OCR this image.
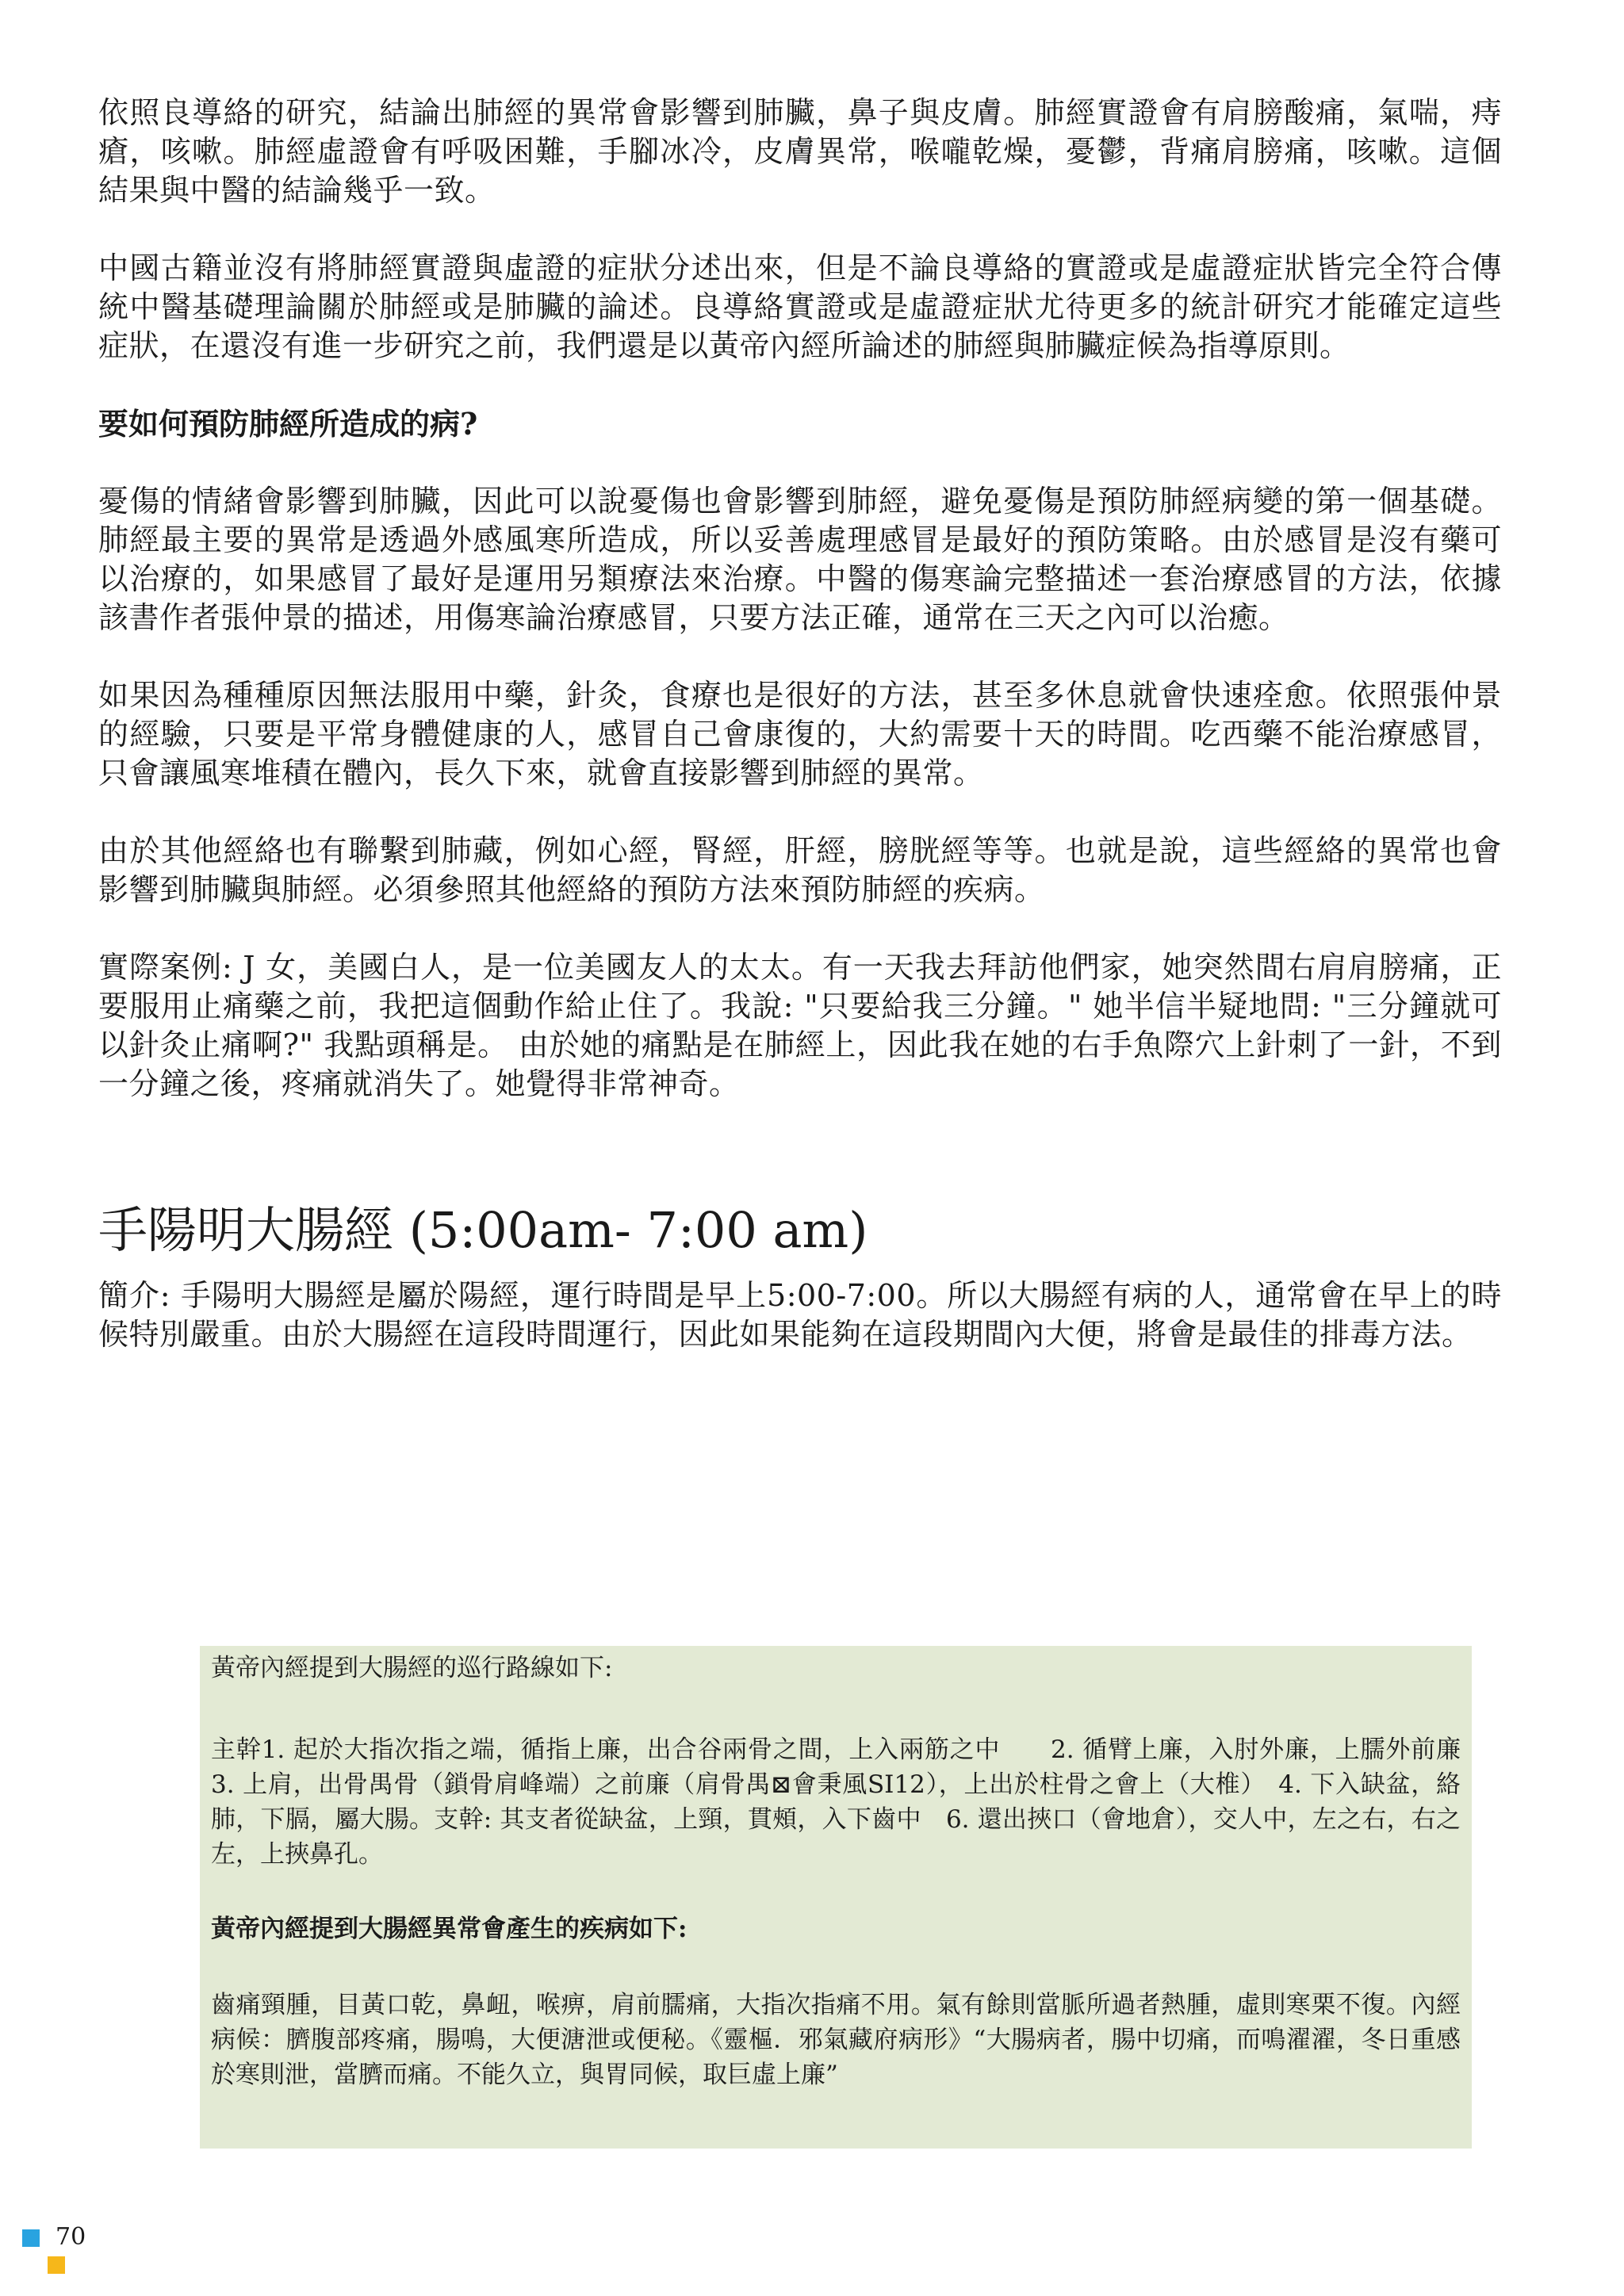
依照良導絡的研究，結論出肺經的異常會影響到肺臟，鼻子與皮膚。肺經實證會有肩膀酸痛，氣喘，痔瘡，咳嗽。肺經虛證會有呼吸困難，手腳冰冷，皮膚異常，喉嚨乾燥，憂鬱，背痛肩膀痛，咳嗽。這個結果與中醫的結論幾乎一致。

中國古籍並沒有將肺經實證與虛證的症狀分述出來，但是不論良導絡的實證或是虛證症狀皆完全符合傳統中醫基礎理論關於肺經或是肺臟的論述。良導絡實證或是虛證症狀尤待更多的統計研究才能確定這些症狀，在還沒有進一步研究之前，我們還是以黃帝內經所論述的肺經與肺臟症候為指導原則。

要如何預防肺經所造成的病?

憂傷的情緒會影響到肺臟，因此可以說憂傷也會影響到肺經，避免憂傷是預防肺經病變的第一個基礎。肺經最主要的異常是透過外感風寒所造成，所以妥善處理感冒是最好的預防策略。由於感冒是沒有藥可以治療的，如果感冒了最好是運用另類療法來治療。中醫的傷寒論完整描述一套治療感冒的方法，依據該書作者張仲景的描述，用傷寒論治療感冒，只要方法正確，通常在三天之內可以治癒。

如果因為種種原因無法服用中藥，針灸，食療也是很好的方法，甚至多休息就會快速痊愈。依照張仲景的經驗，只要是平常身體健康的人，感冒自己會康復的，大約需要十天的時間。吃西藥不能治療感冒，只會讓風寒堆積在體內，長久下來，就會直接影響到肺經的異常。

由於其他經絡也有聯繫到肺藏，例如心經，腎經，肝經，膀胱經等等。也就是說，這些經絡的異常也會影響到肺臟與肺經。必須參照其他經絡的預防方法來預防肺經的疾病。

實際案例: J 女，美國白人，是一位美國友人的太太。有一天我去拜訪他們家，她突然間右肩肩膀痛，正要服用止痛藥之前，我把這個動作給止住了。我說: "只要給我三分鐘。" 她半信半疑地問: "三分鐘就可以針灸止痛啊?" 我點頭稱是。 由於她的痛點是在肺經上，因此我在她的右手魚際穴上針刺了一針，不到一分鐘之後，疼痛就消失了。她覺得非常神奇。

手陽明大腸經 (5:00am- 7:00 am)

簡介: 手陽明大腸經是屬於陽經，運行時間是早上5:00-7:00。所以大腸經有病的人，通常會在早上的時候特別嚴重。由於大腸經在這段時間運行，因此如果能夠在這段期間內大便，將會是最佳的排毒方法。

黃帝內經提到大腸經的巡行路線如下:

主幹1. 起於大指次指之端，循指上廉，出合谷兩骨之間，上入兩筋之中　　2. 循臂上廉，入肘外廉，上臑外前廉　3. 上肩，出骨禺骨（鎖骨肩峰端）之前廉（肩骨禺⊠會秉風SI12），上出於柱骨之會上（大椎）　4. 下入缺盆，絡肺，下膈，屬大腸。支幹: 其支者從缺盆，上頸，貫頰，入下齒中　6. 還出挾口（會地倉），交人中，左之右，右之左，上挾鼻孔。

黃帝內經提到大腸經異常會產生的疾病如下:

齒痛頸腫，目黃口乾，鼻衄，喉痹，肩前臑痛，大指次指痛不用。氣有餘則當脈所過者熱腫，虛則寒栗不復。內經病候：臍腹部疼痛，腸鳴，大便溏泄或便秘。《靈樞．邪氣藏府病形》“大腸病者，腸中切痛，而鳴濯濯，冬日重感於寒則泄，當臍而痛。不能久立，與胃同候，取巨虛上廉”

70
